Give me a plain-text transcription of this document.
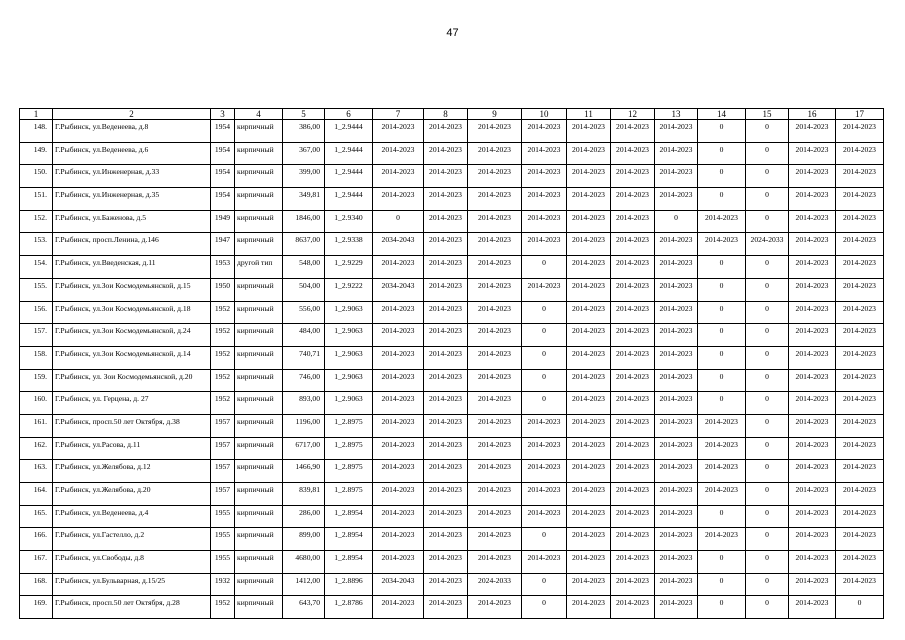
47
1	2	3	4	5	6	7	8	9	10	11	12	13	14	15	16	17
148.	Г.Рыбинск, ул.Веденеева, д.8	1954	кирпичный	386,00	1_2.9444	2014-2023	2014-2023	2014-2023	2014-2023	2014-2023	2014-2023	2014-2023	0	0	2014-2023	2014-2023
149.	Г.Рыбинск, ул.Веденеева, д.6	1954	кирпичный	367,00	1_2.9444	2014-2023	2014-2023	2014-2023	2014-2023	2014-2023	2014-2023	2014-2023	0	0	2014-2023	2014-2023
150.	Г.Рыбинск, ул.Инженерная, д.33	1954	кирпичный	399,00	1_2.9444	2014-2023	2014-2023	2014-2023	2014-2023	2014-2023	2014-2023	2014-2023	0	0	2014-2023	2014-2023
151.	Г.Рыбинск, ул.Инженерная, д.35	1954	кирпичный	349,81	1_2.9444	2014-2023	2014-2023	2014-2023	2014-2023	2014-2023	2014-2023	2014-2023	0	0	2014-2023	2014-2023
152.	Г.Рыбинск, ул.Баженова, д.5	1949	кирпичный	1846,00	1_2.9340	0	2014-2023	2014-2023	2014-2023	2014-2023	2014-2023	0	2014-2023	0	2014-2023	2014-2023
153.	Г.Рыбинск, просп.Ленина, д.146	1947	кирпичный	8637,00	1_2.9338	2034-2043	2014-2023	2014-2023	2014-2023	2014-2023	2014-2023	2014-2023	2014-2023	2024-2033	2014-2023	2014-2023
154.	Г.Рыбинск, ул.Введенская, д.11	1953	другой тип	548,00	1_2.9229	2014-2023	2014-2023	2014-2023	0	2014-2023	2014-2023	2014-2023	0	0	2014-2023	2014-2023
155.	Г.Рыбинск, ул.Зои Космодемьянской, д.15	1950	кирпичный	504,00	1_2.9222	2034-2043	2014-2023	2014-2023	2014-2023	2014-2023	2014-2023	2014-2023	0	0	2014-2023	2014-2023
156.	Г.Рыбинск, ул.Зои Космодемьянской, д.18	1952	кирпичный	556,00	1_2.9063	2014-2023	2014-2023	2014-2023	0	2014-2023	2014-2023	2014-2023	0	0	2014-2023	2014-2023
157.	Г.Рыбинск, ул.Зои Космодемьянской, д.24	1952	кирпичный	484,00	1_2.9063	2014-2023	2014-2023	2014-2023	0	2014-2023	2014-2023	2014-2023	0	0	2014-2023	2014-2023
158.	Г.Рыбинск, ул.Зои Космодемьянской, д.14	1952	кирпичный	740,71	1_2.9063	2014-2023	2014-2023	2014-2023	0	2014-2023	2014-2023	2014-2023	0	0	2014-2023	2014-2023
159.	Г.Рыбинск, ул. Зои Космодемьянской, д.20	1952	кирпичный	746,00	1_2.9063	2014-2023	2014-2023	2014-2023	0	2014-2023	2014-2023	2014-2023	0	0	2014-2023	2014-2023
160.	Г.Рыбинск, ул. Герцена, д. 27	1952	кирпичный	893,00	1_2.9063	2014-2023	2014-2023	2014-2023	0	2014-2023	2014-2023	2014-2023	0	0	2014-2023	2014-2023
161.	Г.Рыбинск, просп.50 лет Октября, д.38	1957	кирпичный	1196,00	1_2.8975	2014-2023	2014-2023	2014-2023	2014-2023	2014-2023	2014-2023	2014-2023	2014-2023	0	2014-2023	2014-2023
162.	Г.Рыбинск, ул.Расова, д.11	1957	кирпичный	6717,00	1_2.8975	2014-2023	2014-2023	2014-2023	2014-2023	2014-2023	2014-2023	2014-2023	2014-2023	0	2014-2023	2014-2023
163.	Г.Рыбинск, ул.Желябова, д.12	1957	кирпичный	1466,90	1_2.8975	2014-2023	2014-2023	2014-2023	2014-2023	2014-2023	2014-2023	2014-2023	2014-2023	0	2014-2023	2014-2023
164.	Г.Рыбинск, ул.Желябова, д.20	1957	кирпичный	839,81	1_2.8975	2014-2023	2014-2023	2014-2023	2014-2023	2014-2023	2014-2023	2014-2023	2014-2023	0	2014-2023	2014-2023
165.	Г.Рыбинск, ул.Веденеева, д.4	1955	кирпичный	286,00	1_2.8954	2014-2023	2014-2023	2014-2023	2014-2023	2014-2023	2014-2023	2014-2023	0	0	2014-2023	2014-2023
166.	Г.Рыбинск, ул.Гастелло, д.2	1955	кирпичный	899,00	1_2.8954	2014-2023	2014-2023	2014-2023	0	2014-2023	2014-2023	2014-2023	2014-2023	0	2014-2023	2014-2023
167.	Г.Рыбинск, ул.Свободы, д.8	1955	кирпичный	4680,00	1_2.8954	2014-2023	2014-2023	2014-2023	2014-2023	2014-2023	2014-2023	2014-2023	0	0	2014-2023	2014-2023
168.	Г.Рыбинск, ул.Бульварная, д.15/25	1932	кирпичный	1412,00	1_2.8896	2034-2043	2014-2023	2024-2033	0	2014-2023	2014-2023	2014-2023	0	0	2014-2023	2014-2023
169.	Г.Рыбинск, просп.50 лет Октября, д.28	1952	кирпичный	643,70	1_2.8786	2014-2023	2014-2023	2014-2023	0	2014-2023	2014-2023	2014-2023	0	0	2014-2023	0
